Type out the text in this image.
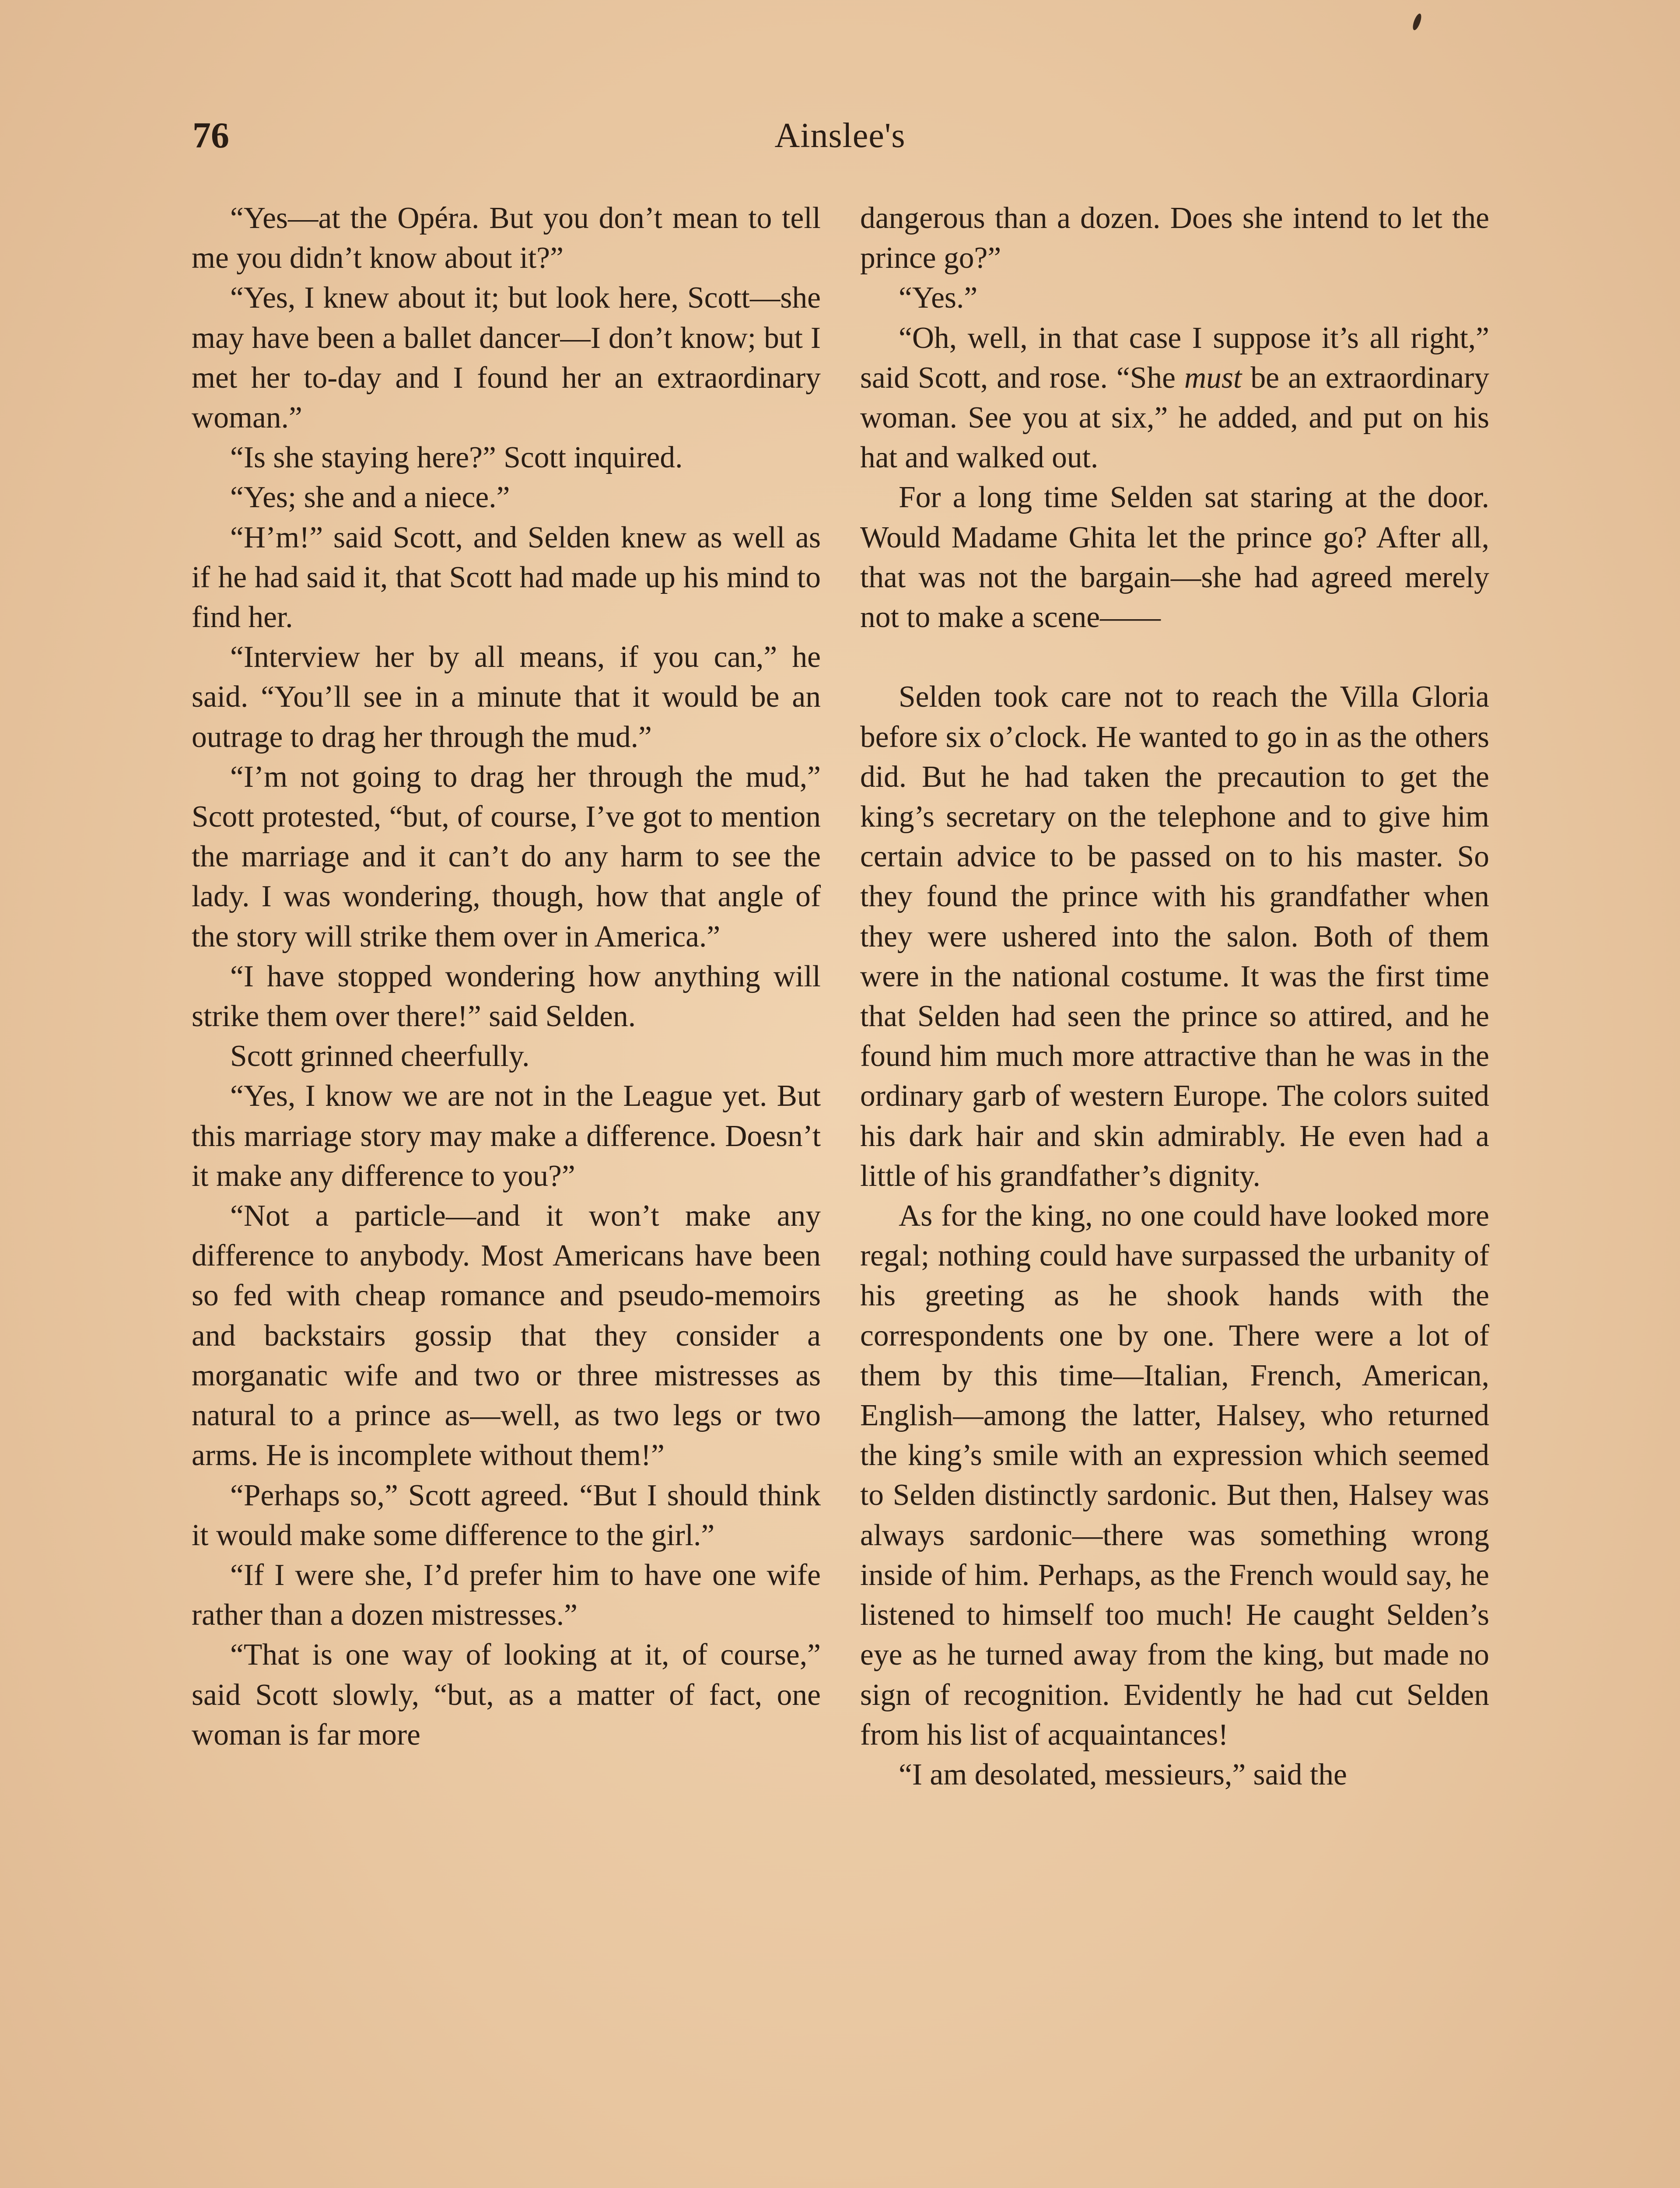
76	Ainslee's

“Yes—at the Opéra. But you don’t mean to tell me you didn’t know about it?”

“Yes, I knew about it; but look here, Scott—she may have been a ballet dancer—I don’t know; but I met her to-day and I found her an extraordinary woman.”

“Is she staying here?” Scott inquired.

“Yes; she and a niece.”

“H’m!” said Scott, and Selden knew as well as if he had said it, that Scott had made up his mind to find her.

“Interview her by all means, if you can,” he said. “You’ll see in a minute that it would be an outrage to drag her through the mud.”

“I’m not going to drag her through the mud,” Scott protested, “but, of course, I’ve got to mention the marriage and it can’t do any harm to see the lady. I was wondering, though, how that angle of the story will strike them over in America.”

“I have stopped wondering how anything will strike them over there!” said Selden.

Scott grinned cheerfully.

“Yes, I know we are not in the League yet. But this marriage story may make a difference. Doesn’t it make any difference to you?”

“Not a particle—and it won’t make any difference to anybody. Most Americans have been so fed with cheap romance and pseudo-memoirs and backstairs gossip that they consider a morganatic wife and two or three mistresses as natural to a prince as—well, as two legs or two arms. He is incomplete without them!”

“Perhaps so,” Scott agreed. “But I should think it would make some difference to the girl.”

“If I were she, I’d prefer him to have one wife rather than a dozen mistresses.”

“That is one way of looking at it, of course,” said Scott slowly, “but, as a matter of fact, one woman is far more

dangerous than a dozen. Does she intend to let the prince go?”

“Yes.”

“Oh, well, in that case I suppose it’s all right,” said Scott, and rose. “She must be an extraordinary woman. See you at six,” he added, and put on his hat and walked out.

For a long time Selden sat staring at the door. Would Madame Ghita let the prince go? After all, that was not the bargain—she had agreed merely not to make a scene——

Selden took care not to reach the Villa Gloria before six o’clock. He wanted to go in as the others did. But he had taken the precaution to get the king’s secretary on the telephone and to give him certain advice to be passed on to his master. So they found the prince with his grandfather when they were ushered into the salon. Both of them were in the national costume. It was the first time that Selden had seen the prince so attired, and he found him much more attractive than he was in the ordinary garb of western Europe. The colors suited his dark hair and skin admirably. He even had a little of his grandfather’s dignity.

As for the king, no one could have looked more regal; nothing could have surpassed the urbanity of his greeting as he shook hands with the correspondents one by one. There were a lot of them by this time—Italian, French, American, English—among the latter, Halsey, who returned the king’s smile with an expression which seemed to Selden distinctly sardonic. But then, Halsey was always sardonic—there was something wrong inside of him. Perhaps, as the French would say, he listened to himself too much! He caught Selden’s eye as he turned away from the king, but made no sign of recognition. Evidently he had cut Selden from his list of acquaintances!

“I am desolated, messieurs,” said the
